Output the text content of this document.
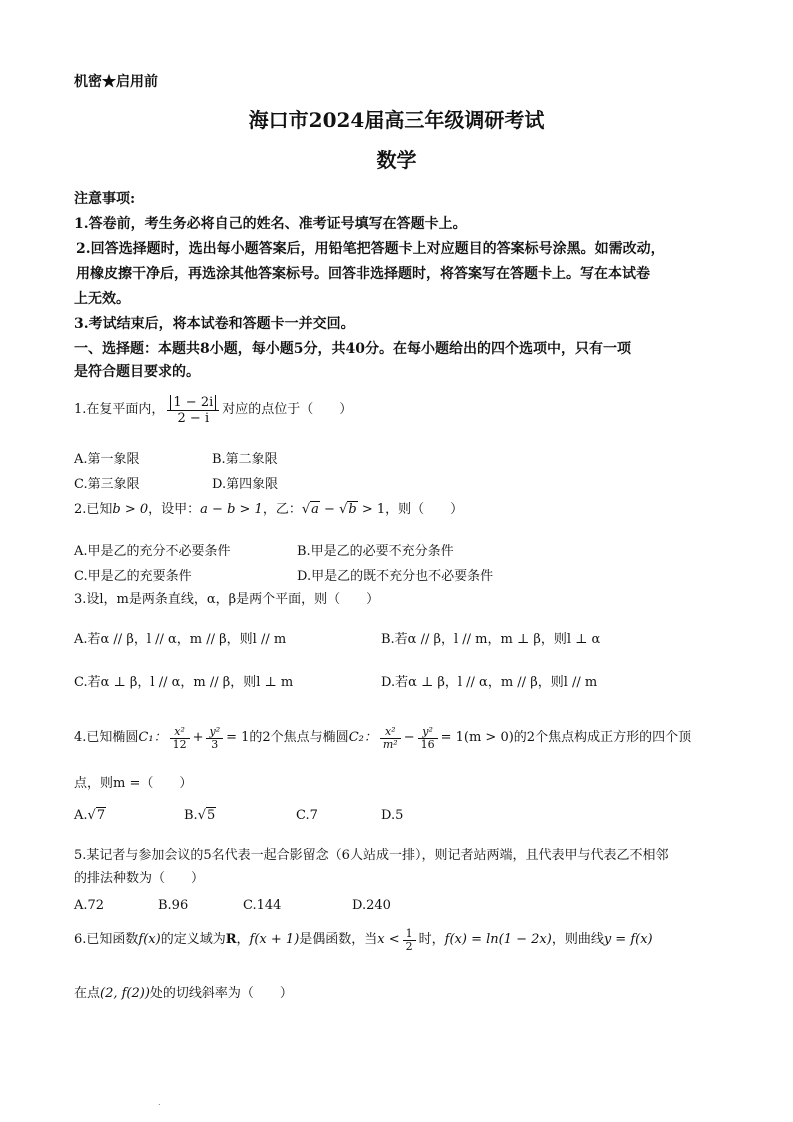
机密★启用前
海口市2024届高三年级调研考试
数学
注意事项:
1.答卷前，考生务必将自己的姓名、准考证号填写在答题卡上。
2.回答选择题时，选出每小题答案后，用铅笔把答题卡上对应题目的答案标号涂黑。如需改动，
用橡皮擦干净后，再选涂其他答案标号。回答非选择题时，将答案写在答题卡上。写在本试卷
上无效。
3.考试结束后，将本试卷和答题卡一并交回。
一、选择题：本题共8小题，每小题5分，共40分。在每小题给出的四个选项中，只有一项
是符合题目要求的。
1.在复平面内， $\frac{1 - 2i}{2 - i}$ 对应的点位于（　　）
A.第一象限	B.第二象限
C.第三象限	D.第四象限
2.已知b > 0，设甲：a − b > 1，乙：√a − √b > 1，则（　　）
A.甲是乙的充分不必要条件	B.甲是乙的必要不充分条件
C.甲是乙的充要条件	D.甲是乙的既不充分也不必要条件
3.设l，m是两条直线，α，β是两个平面，则（　　）
A.若α // β，l // α，m // β，则l // m	B.若α // β，l // m，m ⊥ β，则l ⊥ α
C.若α ⊥ β，l // α，m // β，则l ⊥ m	D.若α ⊥ β，l // α，m // β，则l // m
4.已知椭圆 C₁： $\frac{\text{x²}}{12} + \frac{\text{y²}}{3} = 1$的2个焦点与椭圆 C₂： $\frac{\text{x²}}{\text{m²}} - \frac{\text{y²}}{16} = 1(m > 0)$的2个焦点构成正方形的四个顶
点，则m =（　　）
A.√7	B.√5	C.7	D.5
5.某记者与参加会议的5名代表一起合影留念（6人站成一排），则记者站两端，且代表甲与代表乙不相邻
的排法种数为（　　）
A.72	B.96	C.144	D.240
6.已知函数 f(x) 的定义域为 R ， f(x + 1) 是偶函数，当 $x < \frac{1}{2}$ 时， f(x) = ln(1 − 2x) ，则曲线 y = f(x)
在点(2, f(2))处的切线斜率为（　　）
.
